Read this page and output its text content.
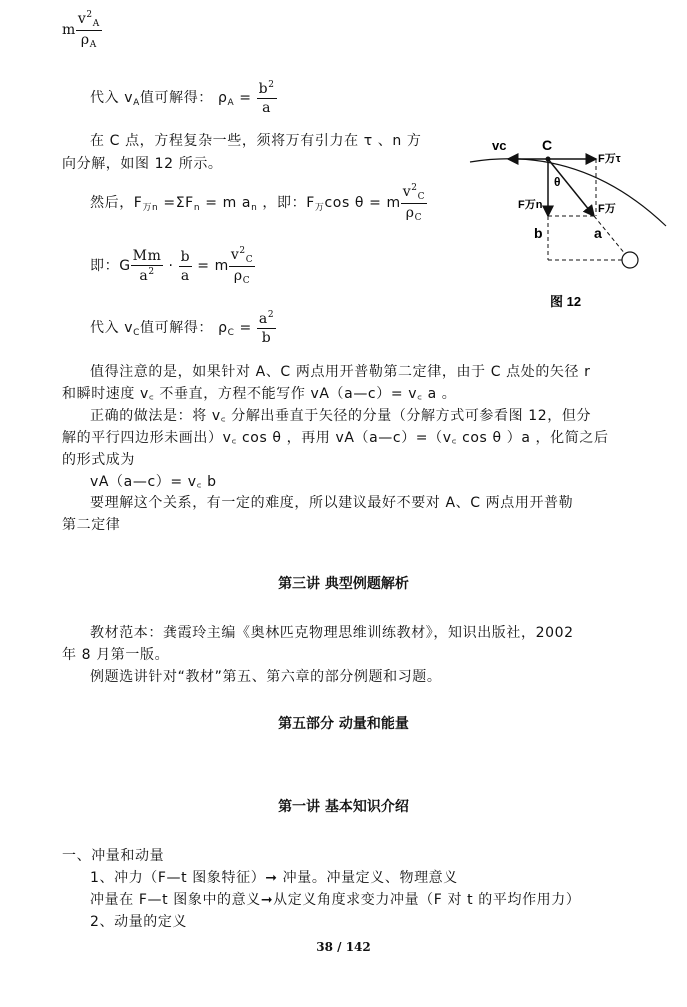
m $\frac{v^2_A}{\rho_A}$
代入 $v_A$值可解得： $\rho_A = \frac{b^2}{a}$
在 C 点，方程复杂一些，须将万有引力在 τ 、n 方
向分解，如图 12 所示。
然后，$F_{万n} =\Sigma F_n = m$ $a_n$ ，即：$F_万\cos$ θ = m $\frac{v^2_C}{\rho_C}$
即：G $\frac{Mm}{a^2} \cdot \frac{b}{a} = m \frac{v^2_C}{\rho_C}$
代入 $v_C$值可解得： $\rho_C = \frac{a^2}{b}$
vc	C
θ
F万τ
F万n	F万
b	a
图 12
值得注意的是，如果针对 A、C 两点用开普勒第二定律，由于 C 点处的矢径 r
和瞬时速度 v꜀ 不垂直，方程不能写作 vA（a—c）= v꜀ a 。
正确的做法是：将 v꜀ 分解出垂直于矢径的分量（分解方式可参看图 12，但分
解的平行四边形未画出）v꜀ cos θ ，再用 vA（a—c）=（v꜀ cos θ ）a ，化简之后
的形式成为
vA（a—c）= v꜀ b
要理解这个关系，有一定的难度，所以建议最好不要对 A、C 两点用开普勒
第二定律
第三讲 典型例题解析
教材范本：龚霞玲主编《奥林匹克物理思维训练教材》，知识出版社，2002
年 8 月第一版。
例题选讲针对“教材”第五、第六章的部分例题和习题。
第五部分 动量和能量
第一讲 基本知识介绍
一、冲量和动量
1、冲力（F—t 图象特征）➞ 冲量。冲量定义、物理意义
冲量在 F—t 图象中的意义➞从定义角度求变力冲量（F 对 t 的平均作用力）
2、动量的定义
38 / 142
